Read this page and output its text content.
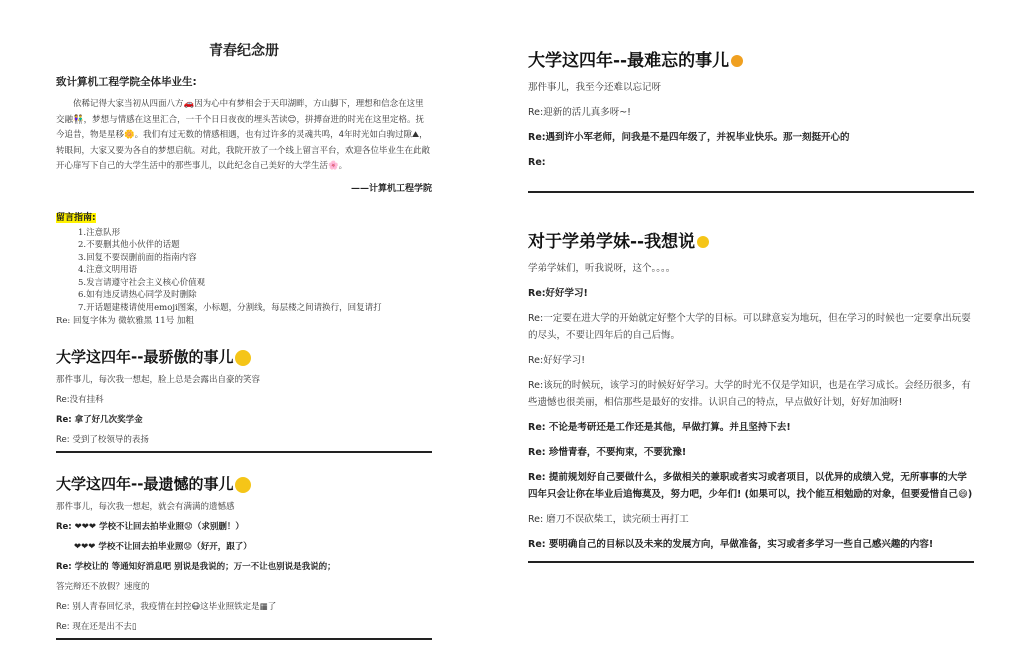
青春纪念册
致计算机工程学院全体毕业生:
依稀记得大家当初从四面八方🚗因为心中有梦相会于天印湖畔，方山脚下，理想和信念在这里交融👫，梦想与情感在这里汇合，一千个日日夜夜的埋头苦读😊，拼搏奋进的时光在这里定格。抚今追昔，物是星移🌼。我们有过无数的情感相遇，也有过许多的灵魂共鸣，4年时光如白驹过隙⛰，转眼间，大家又要为各自的梦想启航。对此，我院开放了一个线上留言平台，欢迎各位毕业生在此敞开心扉写下自己的大学生活中的那些事儿，以此纪念自己美好的大学生活🌸。
——计算机工程学院
留言指南:
1.注意队形
2.不要删其他小伙伴的话题
3.回复不要误删前面的指南内容
4.注意文明用语
5.发言请遵守社会主义核心价值观
6.如有违反请热心同学及时删除
7.开话题建楼请使用emoji图案，小标题，分割线，每层楼之间请换行，回复请打
Re: 回复字体为 微软雅黑 11号 加粗
大学这四年--最骄傲的事儿
那件事儿，每次我一想起，脸上总是会露出自豪的笑容
Re:没有挂科
Re: 拿了好几次奖学金
Re: 受到了校领导的表扬
大学这四年--最遗憾的事儿
那件事儿，每次我一想起，就会有满满的遗憾感
Re: ❤❤❤ 学校不让回去拍毕业照😟（求别删！）
❤❤❤ 学校不让回去拍毕业照😟（好开，跟了）
Re: 学校让的 等通知好消息吧 别说是我说的；万一不让也别说是我说的；
答完辩还不放假？速度的
Re: 别人青春回忆录，我疫情在封控😷这毕业照铁定是▦了
Re: 现在还是出不去▯
大学这四年--最难忘的事儿
那件事儿，我至今还难以忘记呀
Re:迎新的活儿真多呀~!
Re:遇到许小军老师，问我是不是四年级了，并祝毕业快乐。那一刻挺开心的
Re:
对于学弟学妹--我想说
学弟学妹们，听我说呀，这个。。。。
Re:好好学习!
Re:一定要在进大学的开始就定好整个大学的目标。可以肆意妄为地玩，但在学习的时候也一定要拿出玩耍的尽头，不要让四年后的自己后悔。
Re:好好学习!
Re:该玩的时候玩，该学习的时候好好学习。大学的时光不仅是学知识，也是在学习成长。会经历很多，有些遗憾也很美丽，相信那些是最好的安排。认识自己的特点，早点做好计划，好好加油呀!
Re: 不论是考研还是工作还是其他，早做打算。并且坚持下去!
Re: 珍惜青春，不要拘束，不要犹豫!
Re: 提前规划好自己要做什么，多做相关的兼职或者实习或者项目，以优异的成绩入党，无所事事的大学四年只会让你在毕业后追悔莫及，努力吧，少年们! (如果可以，找个能互相勉励的对象，但要爱惜自己😄)
Re: 磨刀不误砍柴工，读完硕士再打工
Re: 要明确自己的目标以及未来的发展方向，早做准备，实习或者多学习一些自己感兴趣的内容!
